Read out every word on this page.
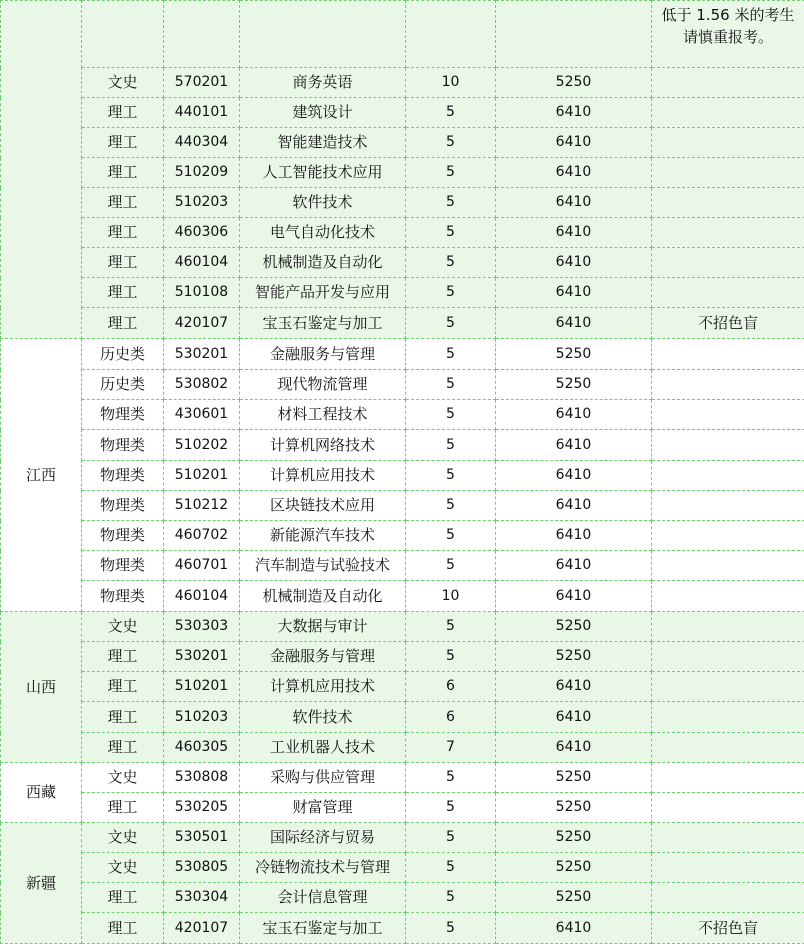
						低于 1.56 米的考生请慎重报考。
	文史	570201	商务英语	10	5250	
	理工	440101	建筑设计	5	6410	
	理工	440304	智能建造技术	5	6410	
	理工	510209	人工智能技术应用	5	6410	
	理工	510203	软件技术	5	6410	
	理工	460306	电气自动化技术	5	6410	
	理工	460104	机械制造及自动化	5	6410	
	理工	510108	智能产品开发与应用	5	6410	
	理工	420107	宝玉石鉴定与加工	5	6410	不招色盲
江西	历史类	530201	金融服务与管理	5	5250	
	历史类	530802	现代物流管理	5	5250	
	物理类	430601	材料工程技术	5	6410	
	物理类	510202	计算机网络技术	5	6410	
	物理类	510201	计算机应用技术	5	6410	
	物理类	510212	区块链技术应用	5	6410	
	物理类	460702	新能源汽车技术	5	6410	
	物理类	460701	汽车制造与试验技术	5	6410	
	物理类	460104	机械制造及自动化	10	6410	
山西	文史	530303	大数据与审计	5	5250	
	理工	530201	金融服务与管理	5	5250	
	理工	510201	计算机应用技术	6	6410	
	理工	510203	软件技术	6	6410	
	理工	460305	工业机器人技术	7	6410	
西藏	文史	530808	采购与供应管理	5	5250	
	理工	530205	财富管理	5	5250	
新疆	文史	530501	国际经济与贸易	5	5250	
	文史	530805	冷链物流技术与管理	5	5250	
	理工	530304	会计信息管理	5	5250	
	理工	420107	宝玉石鉴定与加工	5	6410	不招色盲
